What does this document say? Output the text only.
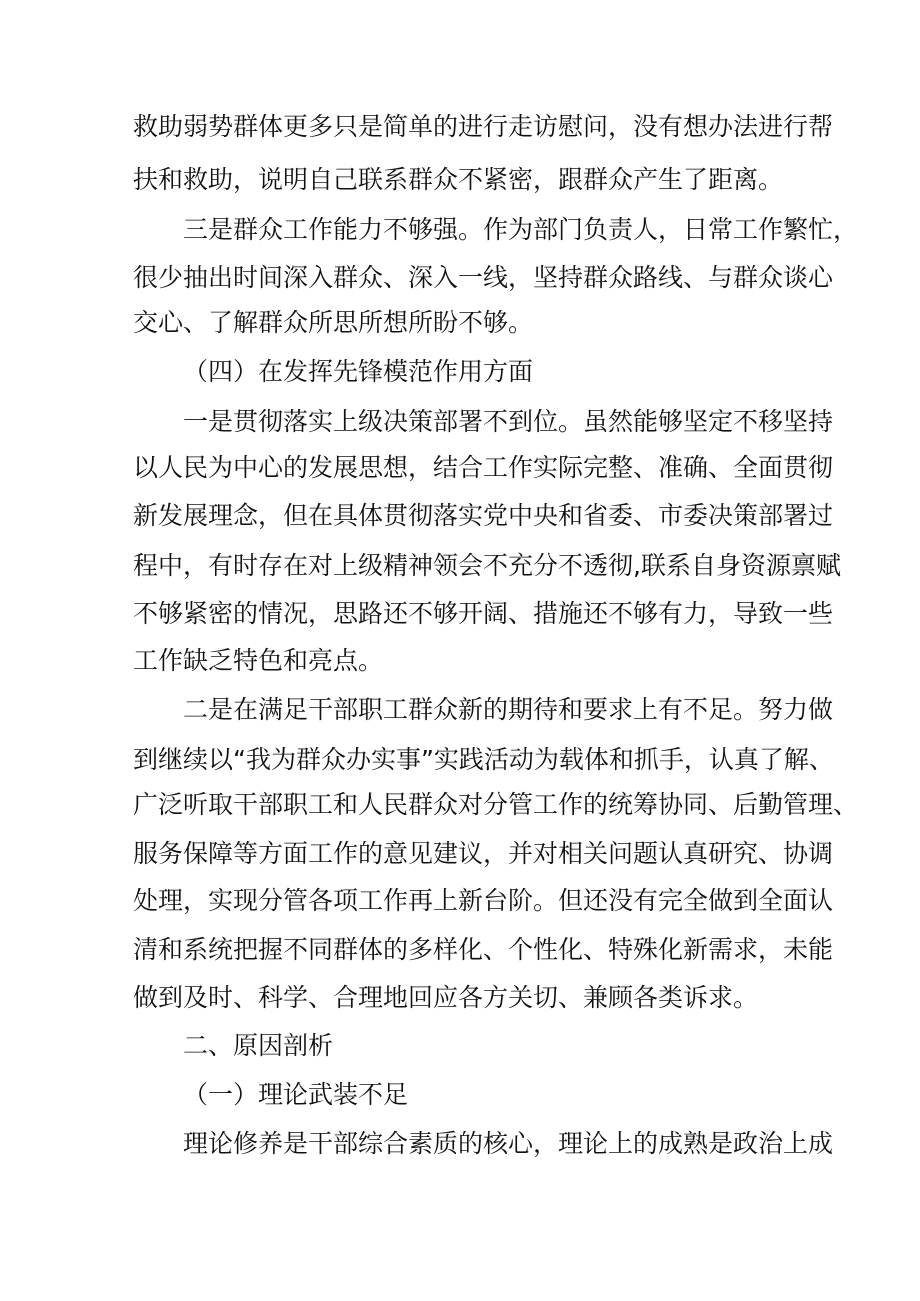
救助弱势群体更多只是简单的进行走访慰问，没有想办法进行帮
扶和救助，说明自己联系群众不紧密，跟群众产生了距离。
三是群众工作能力不够强。作为部门负责人，日常工作繁忙，
很少抽出时间深入群众、深入一线，坚持群众路线、与群众谈心
交心、了解群众所思所想所盼不够。
（四）在发挥先锋模范作用方面
一是贯彻落实上级决策部署不到位。虽然能够坚定不移坚持
以人民为中心的发展思想，结合工作实际完整、准确、全面贯彻
新发展理念，但在具体贯彻落实党中央和省委、市委决策部署过
程中，有时存在对上级精神领会不充分不透彻,联系自身资源禀赋
不够紧密的情况，思路还不够开阔、措施还不够有力，导致一些
工作缺乏特色和亮点。
二是在满足干部职工群众新的期待和要求上有不足。努力做
到继续以“我为群众办实事”实践活动为载体和抓手，认真了解、
广泛听取干部职工和人民群众对分管工作的统筹协同、后勤管理、
服务保障等方面工作的意见建议，并对相关问题认真研究、协调
处理，实现分管各项工作再上新台阶。但还没有完全做到全面认
清和系统把握不同群体的多样化、个性化、特殊化新需求，未能
做到及时、科学、合理地回应各方关切、兼顾各类诉求。
二、原因剖析
（一）理论武装不足
理论修养是干部综合素质的核心，理论上的成熟是政治上成
